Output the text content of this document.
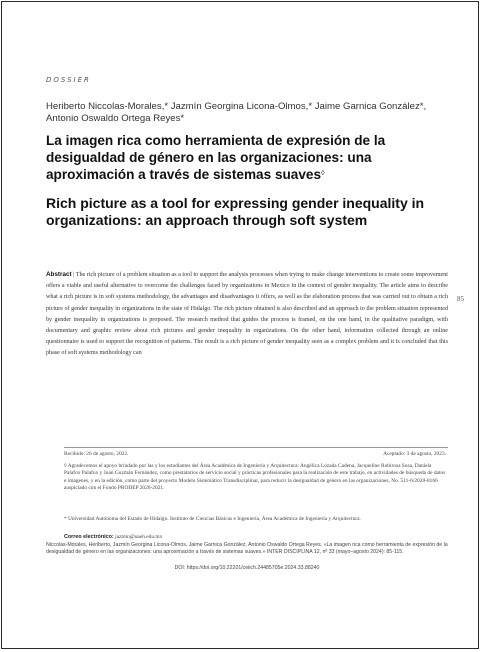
DOSSIER
Heriberto Niccolas-Morales,* Jazmín Georgina Licona-Olmos,* Jaime Garnica González*, Antonio Oswaldo Ortega Reyes*
La imagen rica como herramienta de expresión de la desigualdad de género en las organizaciones: una aproximación a través de sistemas suaves◊
Rich picture as a tool for expressing gender inequality in organizations: an approach through soft system

Abstract | The rich picture of a problem situation as a tool to support the analysis processes when trying to make change interventions to create some improvement offers a viable and useful alternative to overcome the challenges faced by organizations in Mexico in the context of gender inequality. The article aims to describe what a rich picture is in soft systems methodology, the advantages and disadvantages it offers, as well as the elaboration process that was carried out to obtain a rich picture of gender inequality in organizations in the state of Hidalgo. The rich picture obtained is also described and an approach to the problem situation represented by gender inequality in organizations is proposed. The research method that guides the process is framed, on the one hand, in the qualitative paradigm, with documentary and graphic review about rich pictures and gender inequality in organizations. On the other hand, information collected through an online questionnaire is used to support the recognition of patterns. The result is a rich picture of gender inequality seen as a complex problem and it is concluded that this phase of soft systems methodology can

85
Recibido: 26 de agosto, 2022.	Aceptado: 3 de agosto, 2023.
◊ Agradecemos el apoyo brindado por las y los estudiantes del Área Académica de Ingeniería y Arquitectura: Angélica Lozada Cadena, Jacqueline Robirosa Sosa, Daniela Palafox Palafox y Juan Guzmán Fernández, como prestatarios de servicio social y prácticas profesionales para la realización de este trabajo, en actividades de búsqueda de datos e imágenes, y en la edición, como parte del proyecto Modelo Sistemático Transdisciplinar, para reducir la desigualdad de género en las organizaciones, No. 511-6/2020-8166 auspiciado con el Fondo PRODEP 2020-2021.
* Universidad Autónoma del Estado de Hidalgo. Instituto de Ciencias Básicas e Ingeniería, Área Académica de Ingeniería y Arquitectura.
Correo electrónico: jazmin@uaeh.edu.mx
Niccolas-Morales, Heriberto, Jazmín Georgina Licona-Olmos, Jaime Garnica González, Antonio Oswaldo Ortega Reyes. «La imagen rica como herramienta de expresión de la desigualdad de género en las organizaciones: una aproximación a través de sistemas suaves.» INTER DISCIPLINA 12, nº 33 (mayo–agosto 2024): 85-115.
DOI: https://doi.org/10.22201/ceiich.24485705e.2024.33.88240
